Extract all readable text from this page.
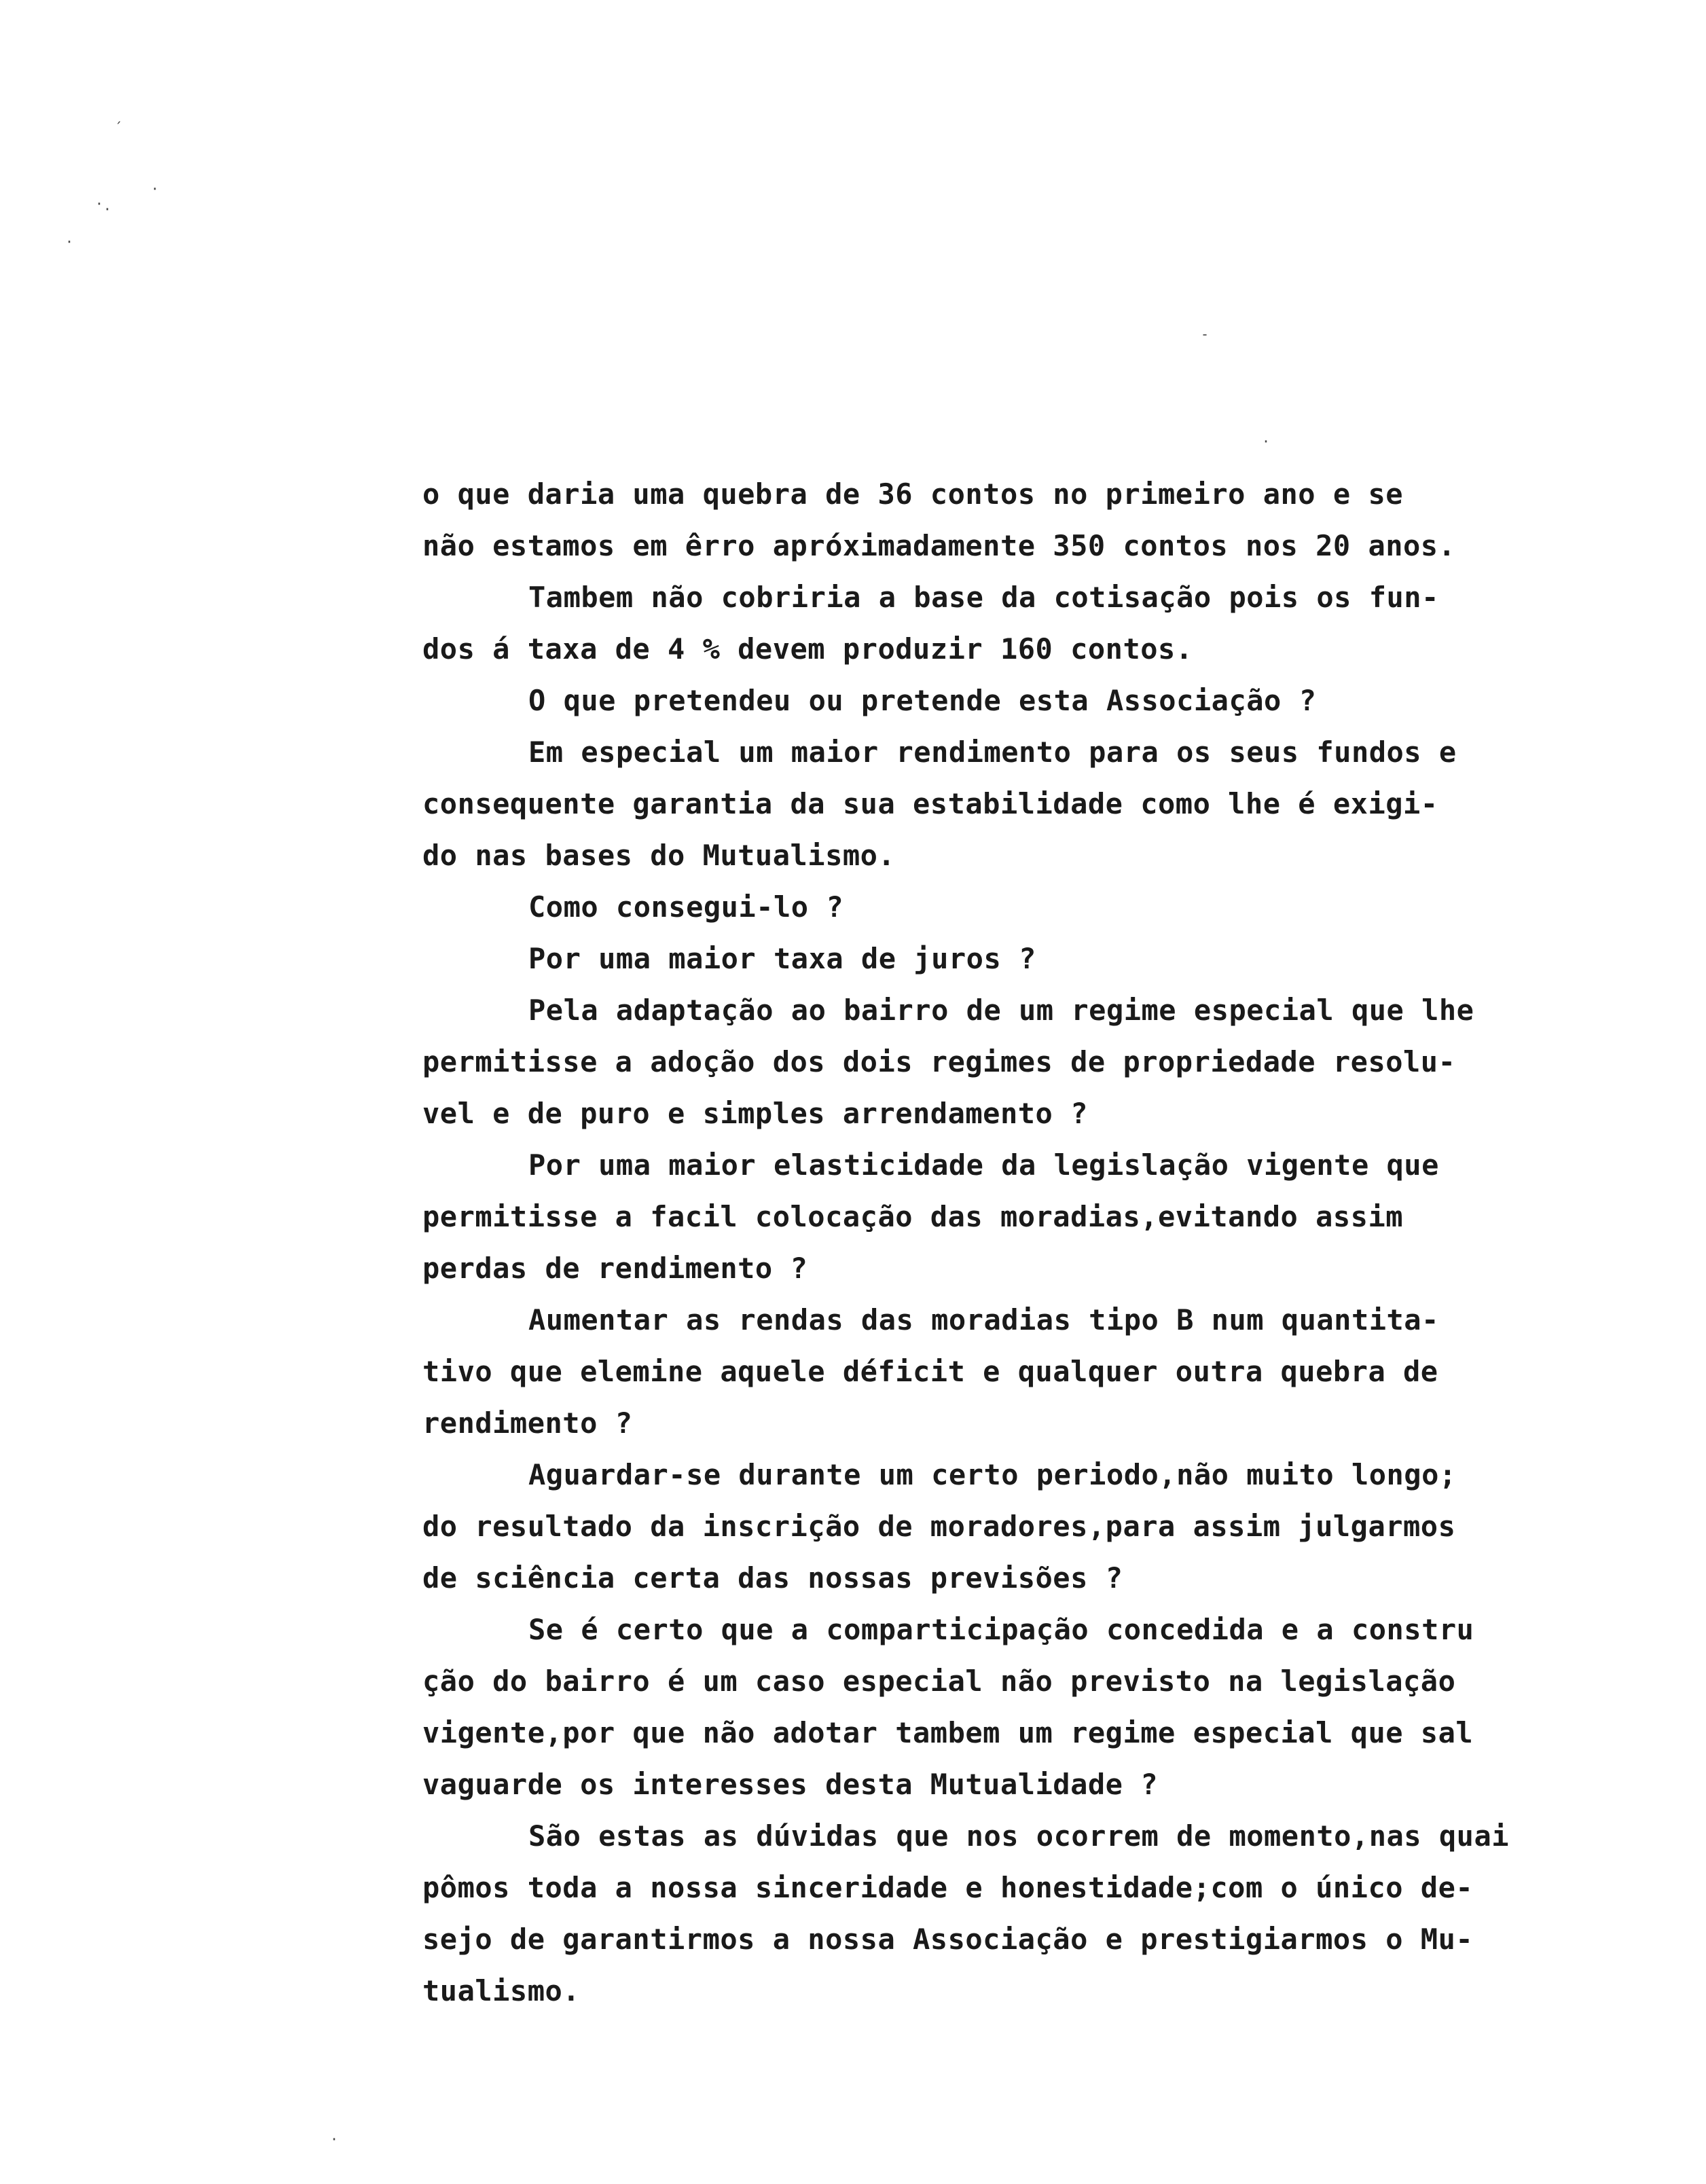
´
· ·
·
·
-
·
·
o que daria uma quebra de 36 contos no primeiro ano e se
não estamos em êrro apróximadamente 350 contos nos 20 anos.
Tambem não cobriria a base da cotisação pois os fun-
dos á taxa de 4 % devem produzir 160 contos.
O que pretendeu ou pretende esta Associação ?
Em especial um maior rendimento para os seus fundos e
consequente garantia da sua estabilidade como lhe é exigi-
do nas bases do Mutualismo.
Como consegui-lo ?
Por uma maior taxa de juros ?
Pela adaptação ao bairro de um regime especial que lhe
permitisse a adoção dos dois regimes de propriedade resolu-
vel e de puro e simples arrendamento ?
Por uma maior elasticidade da legislação vigente que
permitisse a facil colocação das moradias,evitando assim
perdas de rendimento ?
Aumentar as rendas das moradias tipo B num quantita-
tivo que elemine aquele déficit e qualquer outra quebra de
rendimento ?
Aguardar-se durante um certo periodo,não muito longo;
do resultado da inscrição de moradores,para assim julgarmos
de sciência certa das nossas previsões ?
Se é certo que a comparticipação concedida e a constru
ção do bairro é um caso especial não previsto na legislação
vigente,por que não adotar tambem um regime especial que sal
vaguarde os interesses desta Mutualidade ?
São estas as dúvidas que nos ocorrem de momento,nas quai
pômos toda a nossa sinceridade e honestidade;com o único de-
sejo de garantirmos a nossa Associação e prestigiarmos o Mu-
tualismo.
